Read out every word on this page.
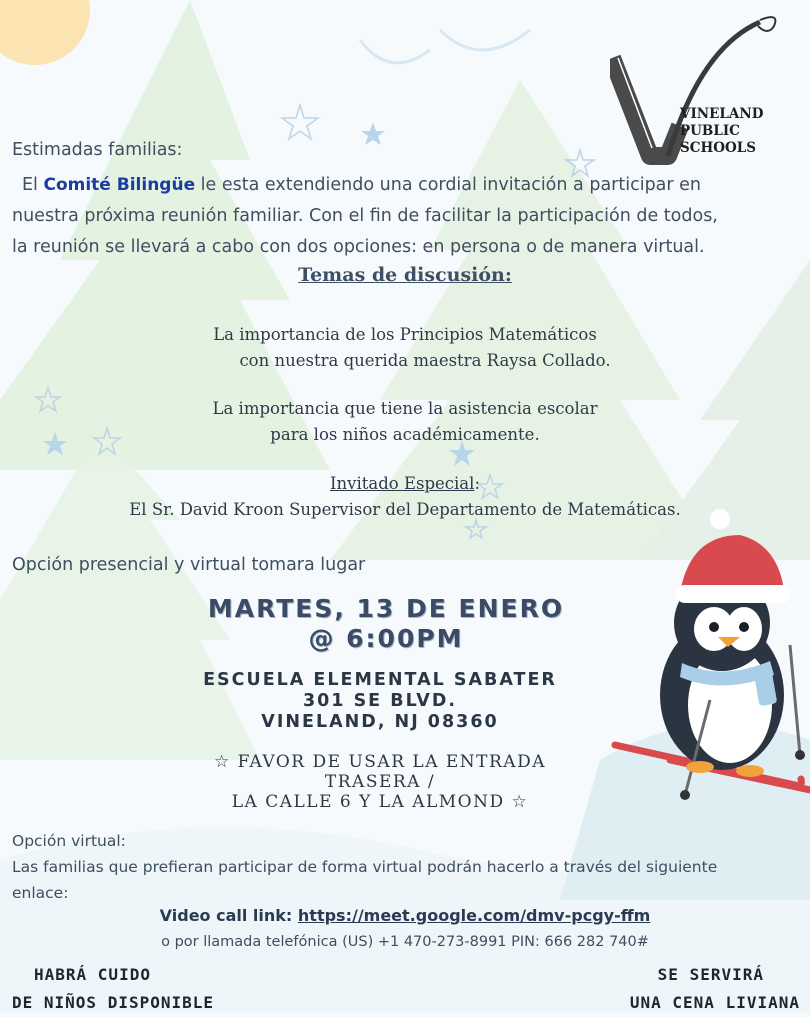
VINELAND
PUBLIC
SCHOOLS
Estimadas familias:
El Comité Bilingüe le esta extendiendo una cordial invitación a participar en
nuestra próxima reunión familiar. Con el fin de facilitar la participación de todos,
la reunión se llevará a cabo con dos opciones: en persona o de manera virtual.
Temas de discusión:
La importancia de los Principios Matemáticos
con nuestra querida maestra Raysa Collado.
La importancia que tiene la asistencia escolar
para los niños académicamente.
Invitado Especial:
El Sr. David Kroon Supervisor del Departamento de Matemáticas.
Opción presencial y virtual tomara lugar
MARTES, 13 DE ENERO
@ 6:00PM
ESCUELA ELEMENTAL SABATER
301 SE BLVD.
VINELAND, NJ 08360
☆ FAVOR DE USAR LA ENTRADA
TRASERA /
LA CALLE 6 Y LA ALMOND ☆
Opción virtual:
Las familias que prefieran participar de forma virtual podrán hacerlo a través del siguiente
enlace:
Video call link: https://meet.google.com/dmv-pcgy-ffm
o por llamada telefónica (US) +1 470-273-8991 PIN: 666 282 740#
HABRÁ CUIDO
DE NIÑOS DISPONIBLE
SE SERVIRÁ
UNA CENA LIVIANA
